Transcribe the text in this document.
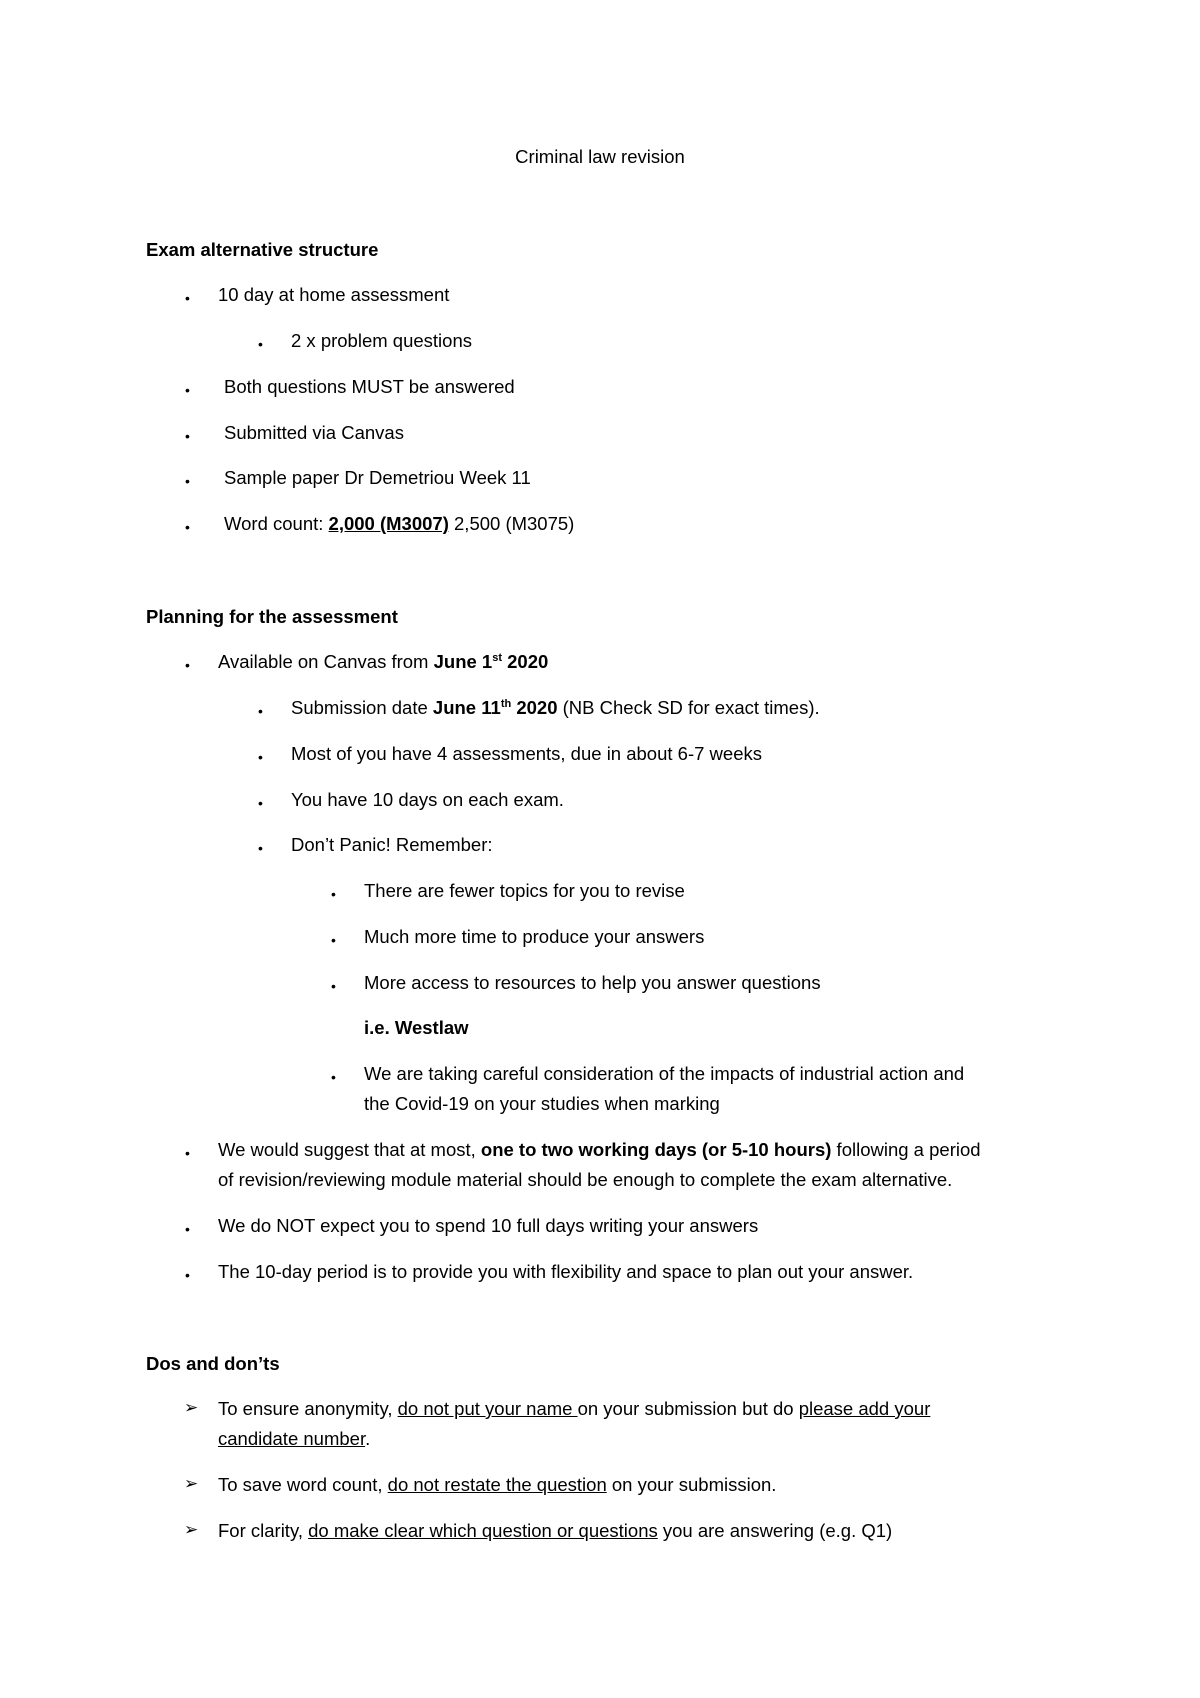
Criminal law revision
Exam alternative structure
• 10 day at home assessment
• 2 x problem questions
• Both questions MUST be answered
• Submitted via Canvas
• Sample paper Dr Demetriou Week 11
• Word count: 2,000 (M3007) 2,500 (M3075)
Planning for the assessment
• Available on Canvas from June 1st 2020
• Submission date June 11th 2020 (NB Check SD for exact times).
• Most of you have 4 assessments, due in about 6-7 weeks
• You have 10 days on each exam.
• Don’t Panic! Remember:
• There are fewer topics for you to revise
• Much more time to produce your answers
• More access to resources to help you answer questions
i.e. Westlaw
• We are taking careful consideration of the impacts of industrial action and
the Covid-19 on your studies when marking
• We would suggest that at most, one to two working days (or 5-10 hours) following a period
of revision/reviewing module material should be enough to complete the exam alternative.
• We do NOT expect you to spend 10 full days writing your answers
• The 10-day period is to provide you with flexibility and space to plan out your answer.
Dos and don’ts
➢ To ensure anonymity, do not put your name on your submission but do please add your
candidate number.
➢ To save word count, do not restate the question on your submission.
➢ For clarity, do make clear which question or questions you are answering (e.g. Q1)
